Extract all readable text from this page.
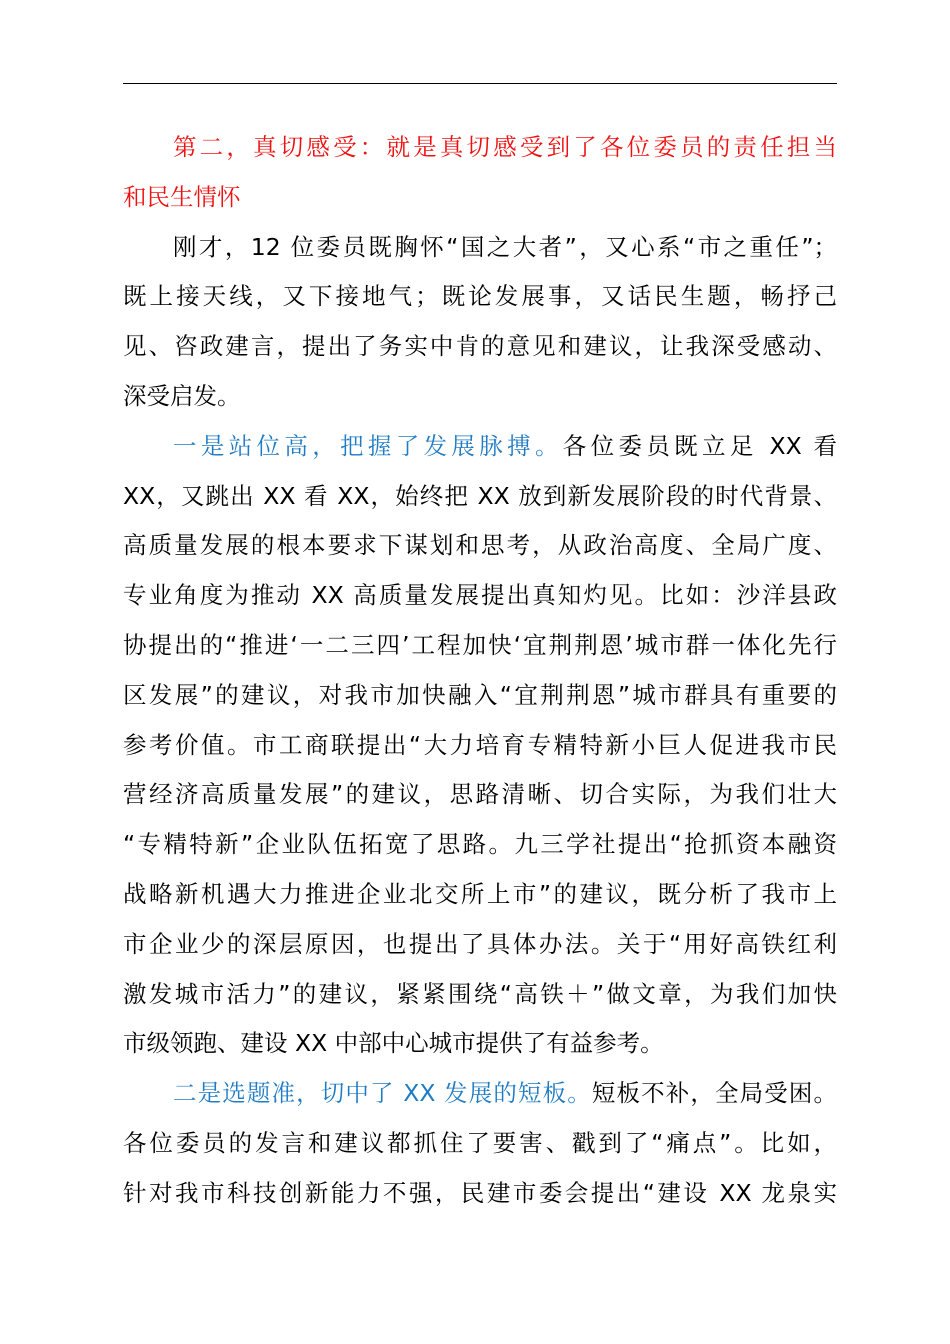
第二，真切感受：就是真切感受到了各位委员的责任担当
和民生情怀
刚才，12 位委员既胸怀“国之大者”，又心系“市之重任”；
既上接天线，又下接地气；既论发展事，又话民生题，畅抒己
见、咨政建言，提出了务实中肯的意见和建议，让我深受感动、
深受启发。
一是站位高，把握了发展脉搏。各位委员既立足 XX 看
XX，又跳出 XX 看 XX，始终把 XX 放到新发展阶段的时代背景、
高质量发展的根本要求下谋划和思考，从政治高度、全局广度、
专业角度为推动 XX 高质量发展提出真知灼见。比如：沙洋县政
协提出的“推进‘一二三四’工程加快‘宜荆荆恩’城市群一体化先行
区发展”的建议，对我市加快融入“宜荆荆恩”城市群具有重要的
参考价值。市工商联提出“大力培育专精特新小巨人促进我市民
营经济高质量发展”的建议，思路清晰、切合实际，为我们壮大
“专精特新”企业队伍拓宽了思路。九三学社提出“抢抓资本融资
战略新机遇大力推进企业北交所上市”的建议，既分析了我市上
市企业少的深层原因，也提出了具体办法。关于“用好高铁红利
激发城市活力”的建议，紧紧围绕“高铁＋”做文章，为我们加快
市级领跑、建设 XX 中部中心城市提供了有益参考。
二是选题准，切中了 XX 发展的短板。短板不补，全局受困。
各位委员的发言和建议都抓住了要害、戳到了“痛点”。比如，
针对我市科技创新能力不强，民建市委会提出“建设 XX 龙泉实
